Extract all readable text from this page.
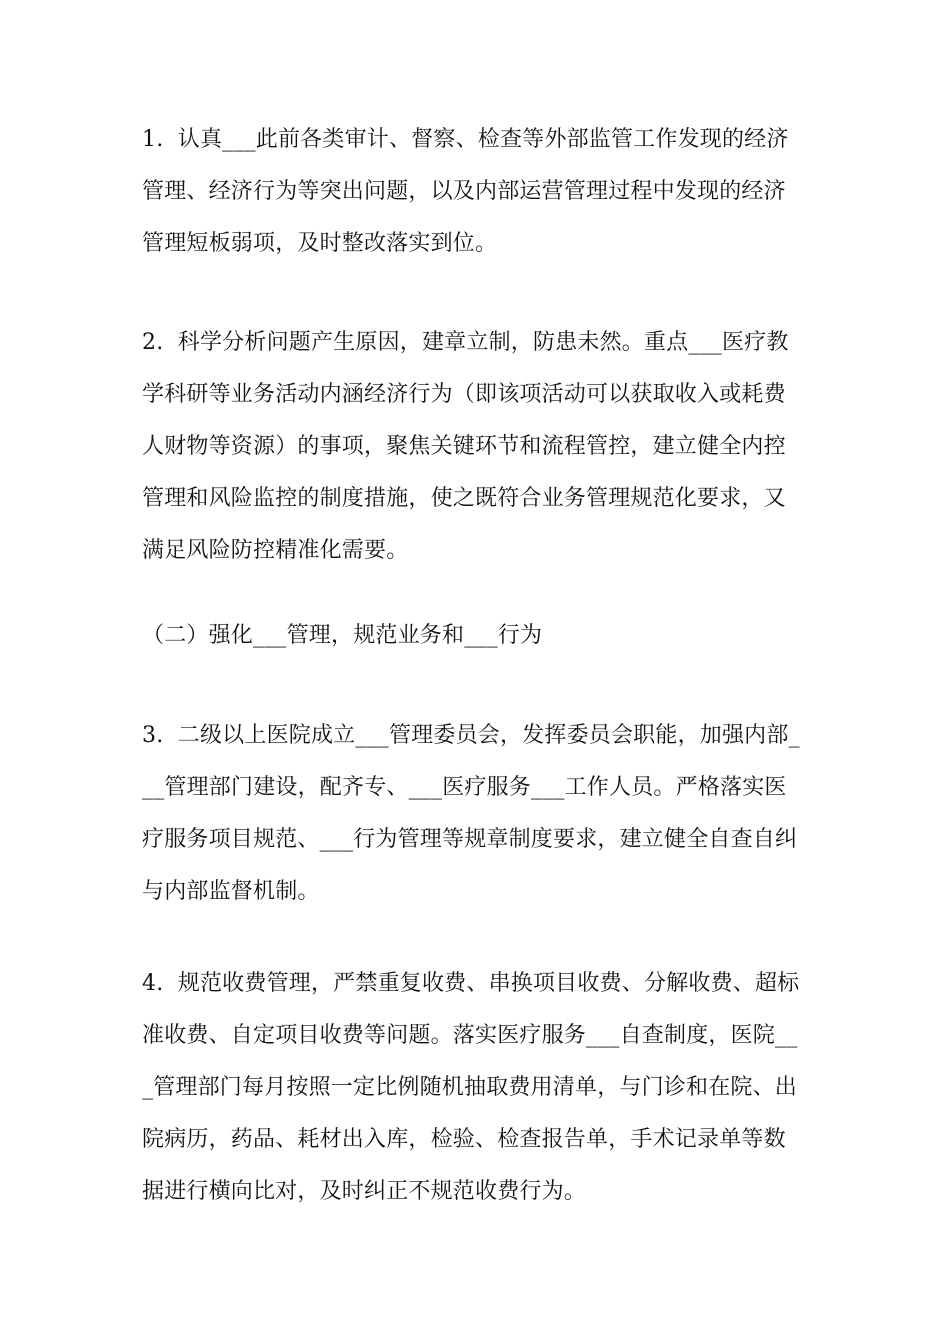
1.  认真___此前各类审计、督察、检查等外部监管工作发现的经济
管理、经济行为等突出问题，以及内部运营管理过程中发现的经济
管理短板弱项，及时整改落实到位。

2.  科学分析问题产生原因，建章立制，防患未然。重点___医疗教
学科研等业务活动内涵经济行为（即该项活动可以获取收入或耗费
人财物等资源）的事项，聚焦关键环节和流程管控，建立健全内控
管理和风险监控的制度措施，使之既符合业务管理规范化要求，又
满足风险防控精准化需要。

（二）强化___管理，规范业务和___行为

3.  二级以上医院成立___管理委员会，发挥委员会职能，加强内部_
__管理部门建设，配齐专、___医疗服务___工作人员。严格落实医
疗服务项目规范、___行为管理等规章制度要求，建立健全自查自纠
与内部监督机制。

4.  规范收费管理，严禁重复收费、串换项目收费、分解收费、超标
准收费、自定项目收费等问题。落实医疗服务___自查制度，医院__
_管理部门每月按照一定比例随机抽取费用清单，与门诊和在院、出
院病历，药品、耗材出入库，检验、检查报告单，手术记录单等数
据进行横向比对，及时纠正不规范收费行为。
